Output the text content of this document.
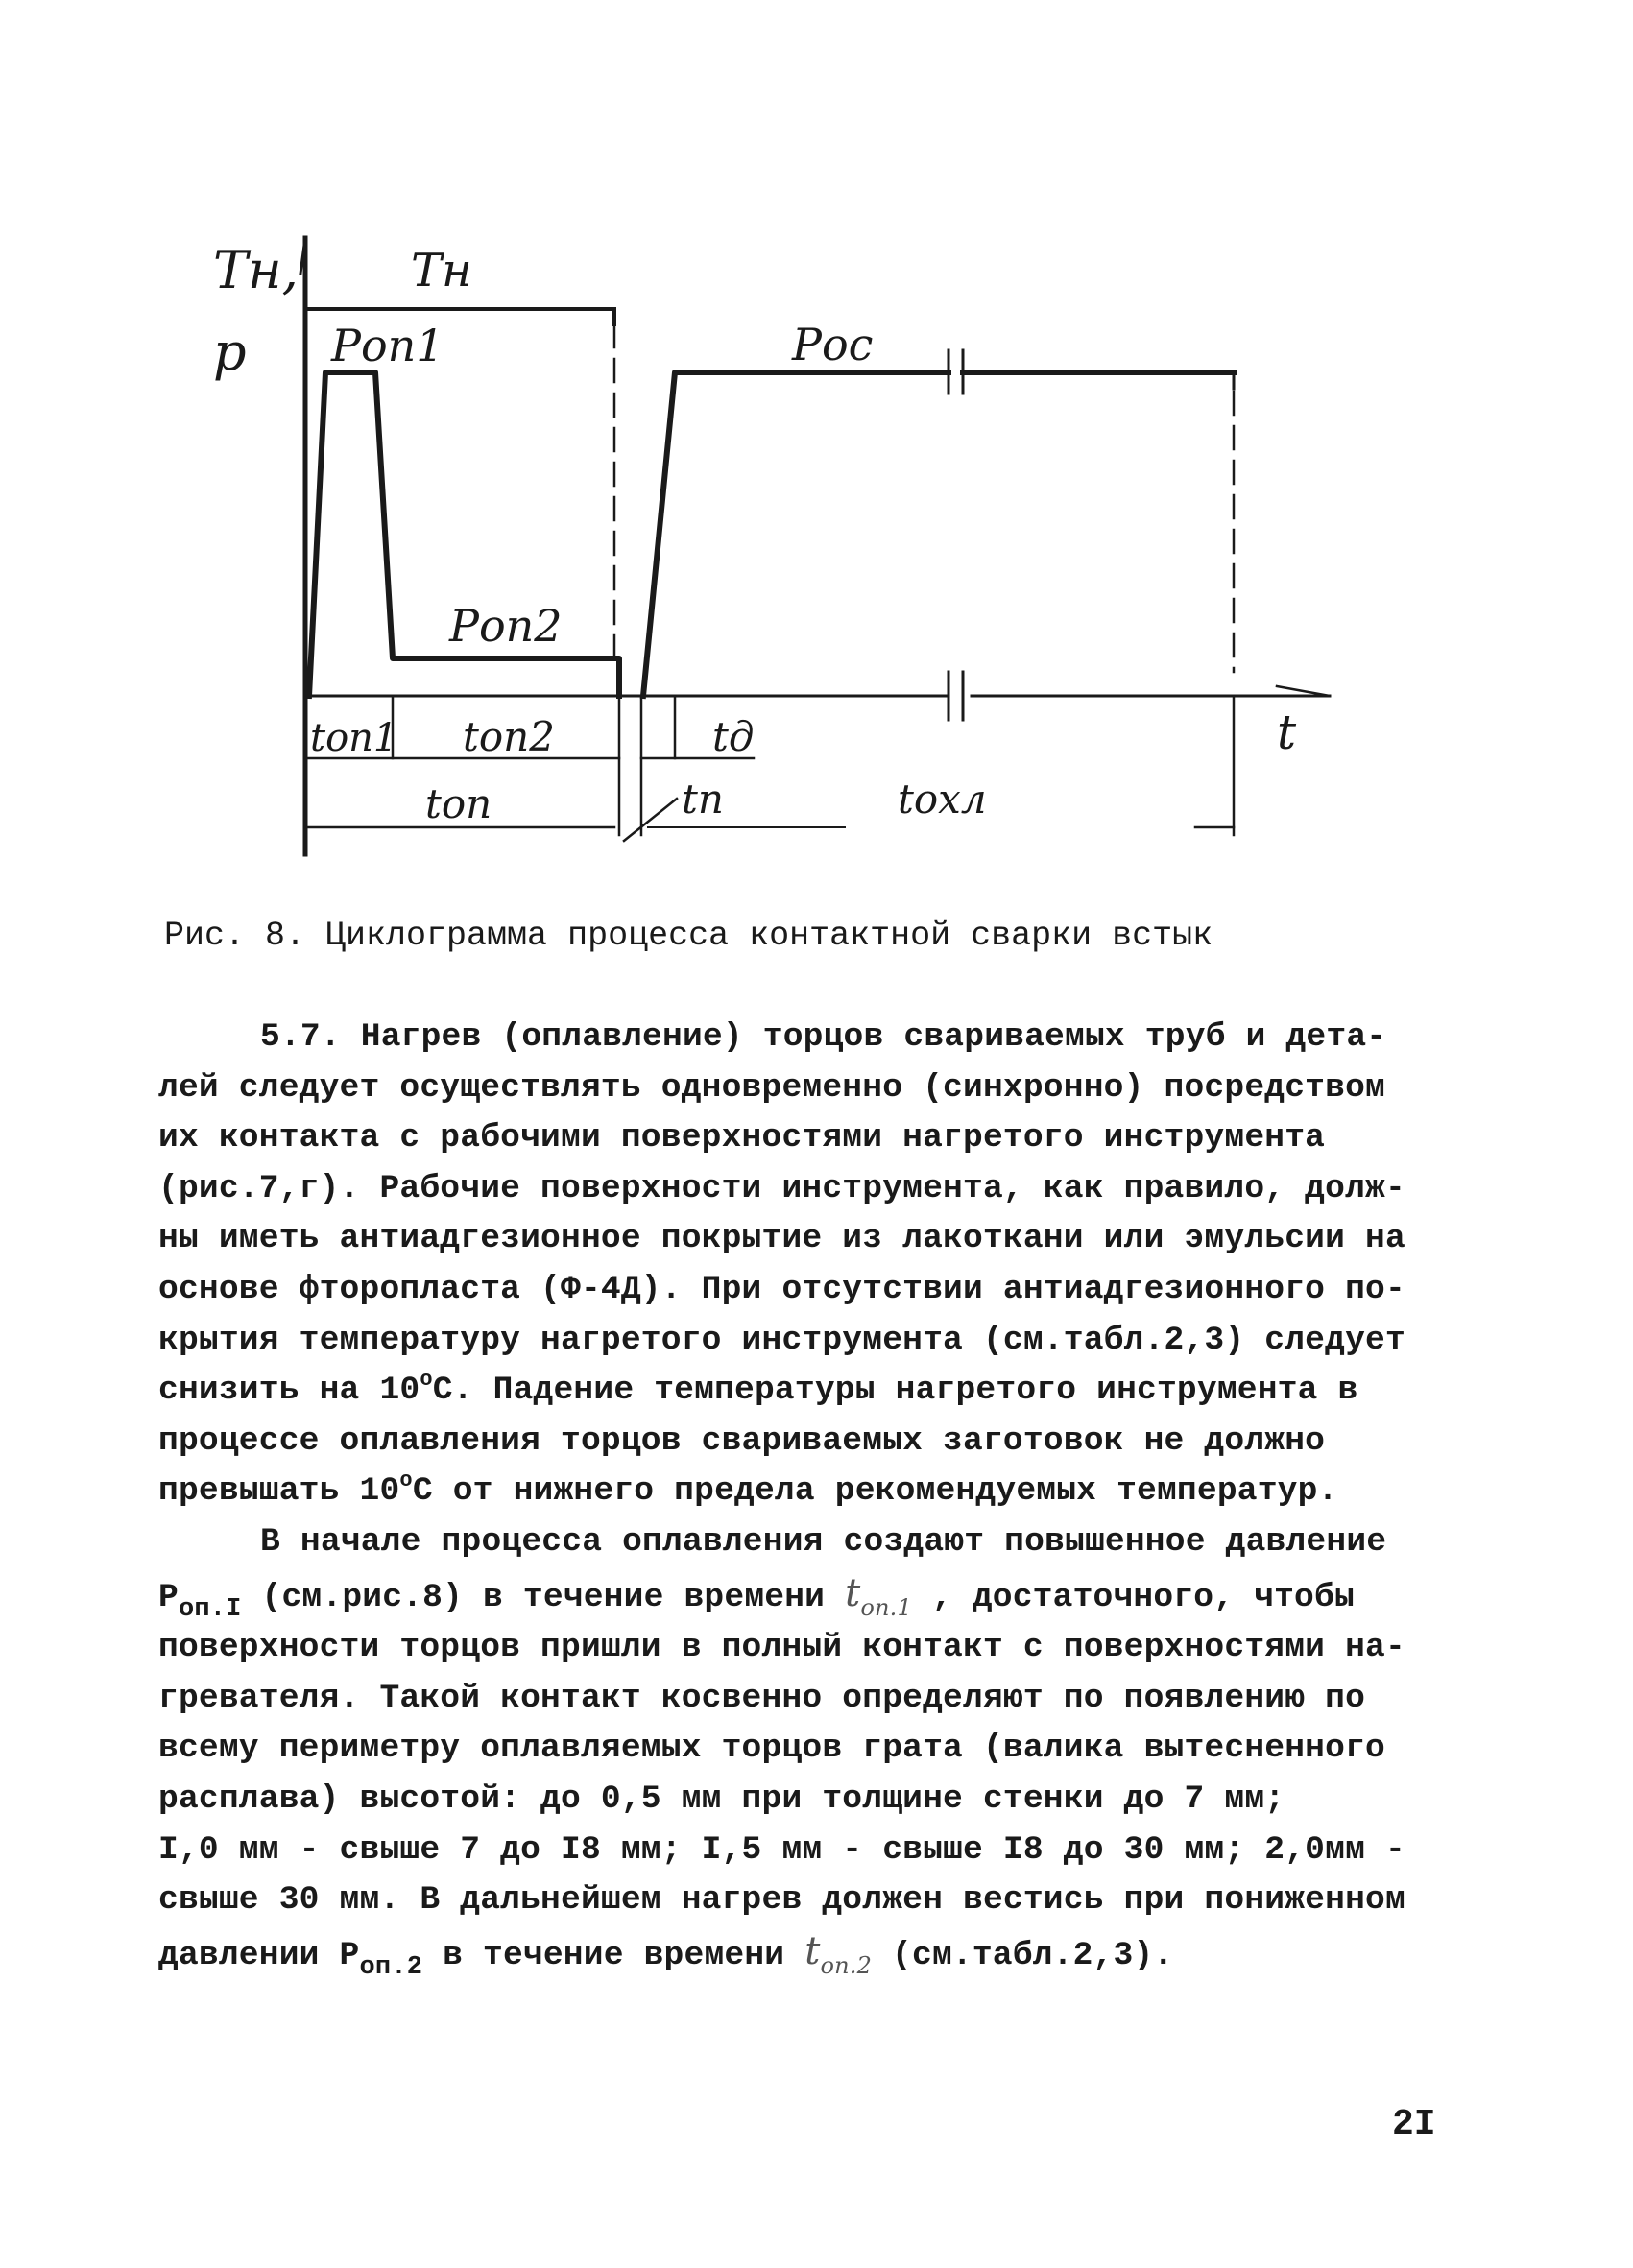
Tн,
р
Tн
Pоп1
Pоп2
Pос
tоп1 tоп2	tд
tоп	tп	tохл
t
Рис. 8. Циклограмма процесса контактной сварки встык

5.7. Нагрев (оплавление) торцов свариваемых труб и дета-

лей следует осуществлять одновременно (синхронно) посредством

их контакта с рабочими поверхностями нагретого инструмента

(рис.7,г). Рабочие поверхности инструмента, как правило, долж-

ны иметь антиадгезионное покрытие из лакоткани или эмульсии на

основе фторопласта (Ф-4Д). При отсутствии антиадгезионного по-

крытия температуру нагретого инструмента (см.табл.2,3) следует

снизить на $10^оС$. Падение температуры нагретого инструмента в

процессе оплавления торцов свариваемых заготовок не должно

превышать $10^оС$ от нижнего предела рекомендуемых температур.

В начале процесса оплавления создают повышенное давление

$P_{оп.I}$ (см.рис.8) в течение времени $t_{оп.1}$ , достаточного, чтобы

поверхности торцов пришли в полный контакт с поверхностями на-

гревателя. Такой контакт косвенно определяют по появлению по

всему периметру оплавляемых торцов грата (валика вытесненного

расплава) высотой: до 0,5 мм при толщине стенки до 7 мм;

I,0 мм - свыше 7 до I8 мм; I,5 мм - свыше I8 до 30 мм; 2,0мм -

свыше 30 мм. В дальнейшем нагрев должен вестись при пониженном

давлении $P_{оп.2}$ в течение времени $t_{оп.2}$ (см.табл.2,3).

2I
